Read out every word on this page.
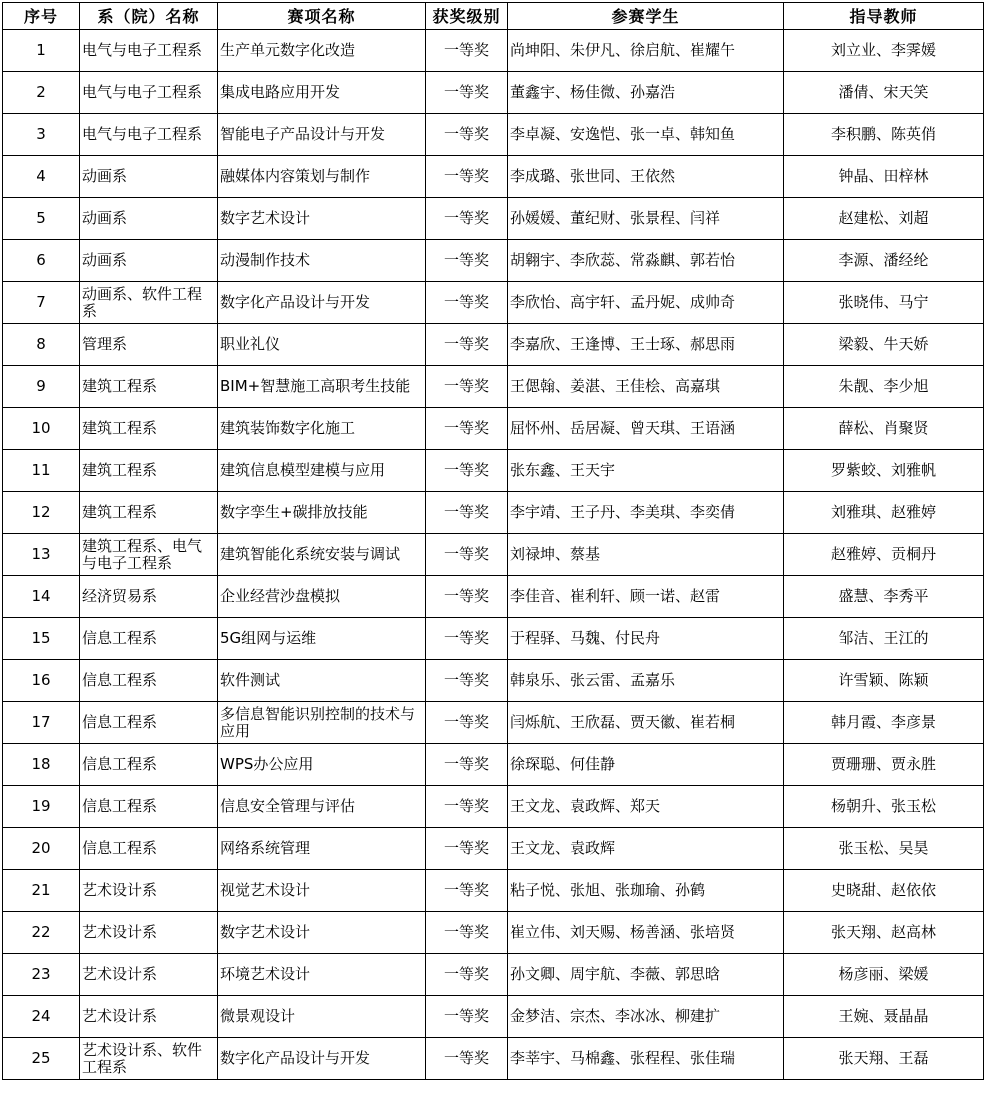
序号	系（院）名称	赛项名称	获奖级别	参赛学生	指导教师
1	电气与电子工程系	生产单元数字化改造	一等奖	尚坤阳、朱伊凡、徐启航、崔耀午	刘立业、李霁媛
2	电气与电子工程系	集成电路应用开发	一等奖	董鑫宇、杨佳微、孙嘉浩	潘倩、宋天笑
3	电气与电子工程系	智能电子产品设计与开发	一等奖	李卓凝、安逸恺、张一卓、韩知鱼	李积鹏、陈英俏
4	动画系	融媒体内容策划与制作	一等奖	李成璐、张世同、王依然	钟晶、田梓林
5	动画系	数字艺术设计	一等奖	孙媛媛、董纪财、张景程、闫祥	赵建松、刘超
6	动画系	动漫制作技术	一等奖	胡翱宇、李欣蕊、常淼麒、郭若怡	李源、潘经纶
7	动画系、软件工程系	数字化产品设计与开发	一等奖	李欣怡、高宇轩、孟丹妮、成帅奇	张晓伟、马宁
8	管理系	职业礼仪	一等奖	李嘉欣、王逢博、王士琢、郝思雨	梁毅、牛天娇
9	建筑工程系	BIM+智慧施工高职考生技能	一等奖	王偲翰、姜湛、王佳桧、高嘉琪	朱靓、李少旭
10	建筑工程系	建筑装饰数字化施工	一等奖	屈怀州、岳居凝、曾天琪、王语涵	薛松、肖聚贤
11	建筑工程系	建筑信息模型建模与应用	一等奖	张东鑫、王天宇	罗紫蛟、刘雅帆
12	建筑工程系	数字孪生+碳排放技能	一等奖	李宇靖、王子丹、李美琪、李奕倩	刘雅琪、赵雅婷
13	建筑工程系、电气与电子工程系	建筑智能化系统安装与调试	一等奖	刘禄坤、蔡基	赵雅婷、贡桐丹
14	经济贸易系	企业经营沙盘模拟	一等奖	李佳音、崔利轩、顾一诺、赵雷	盛慧、李秀平
15	信息工程系	5G组网与运维	一等奖	于程驿、马魏、付民舟	邹洁、王江的
16	信息工程系	软件测试	一等奖	韩泉乐、张云雷、孟嘉乐	许雪颖、陈颖
17	信息工程系	多信息智能识别控制的技术与应用	一等奖	闫烁航、王欣磊、贾天徽、崔若桐	韩月霞、李彦景
18	信息工程系	WPS办公应用	一等奖	徐琛聪、何佳静	贾珊珊、贾永胜
19	信息工程系	信息安全管理与评估	一等奖	王文龙、袁政辉、郑天	杨朝升、张玉松
20	信息工程系	网络系统管理	一等奖	王文龙、袁政辉	张玉松、吴昊
21	艺术设计系	视觉艺术设计	一等奖	粘子悦、张旭、张珈瑜、孙鹤	史晓甜、赵依依
22	艺术设计系	数字艺术设计	一等奖	崔立伟、刘天赐、杨善涵、张培贤	张天翔、赵高林
23	艺术设计系	环境艺术设计	一等奖	孙文卿、周宇航、李薇、郭思晗	杨彦丽、梁媛
24	艺术设计系	微景观设计	一等奖	金梦洁、宗杰、李冰冰、柳建扩	王婉、聂晶晶
25	艺术设计系、软件工程系	数字化产品设计与开发	一等奖	李莘宇、马棉鑫、张程程、张佳瑞	张天翔、王磊
